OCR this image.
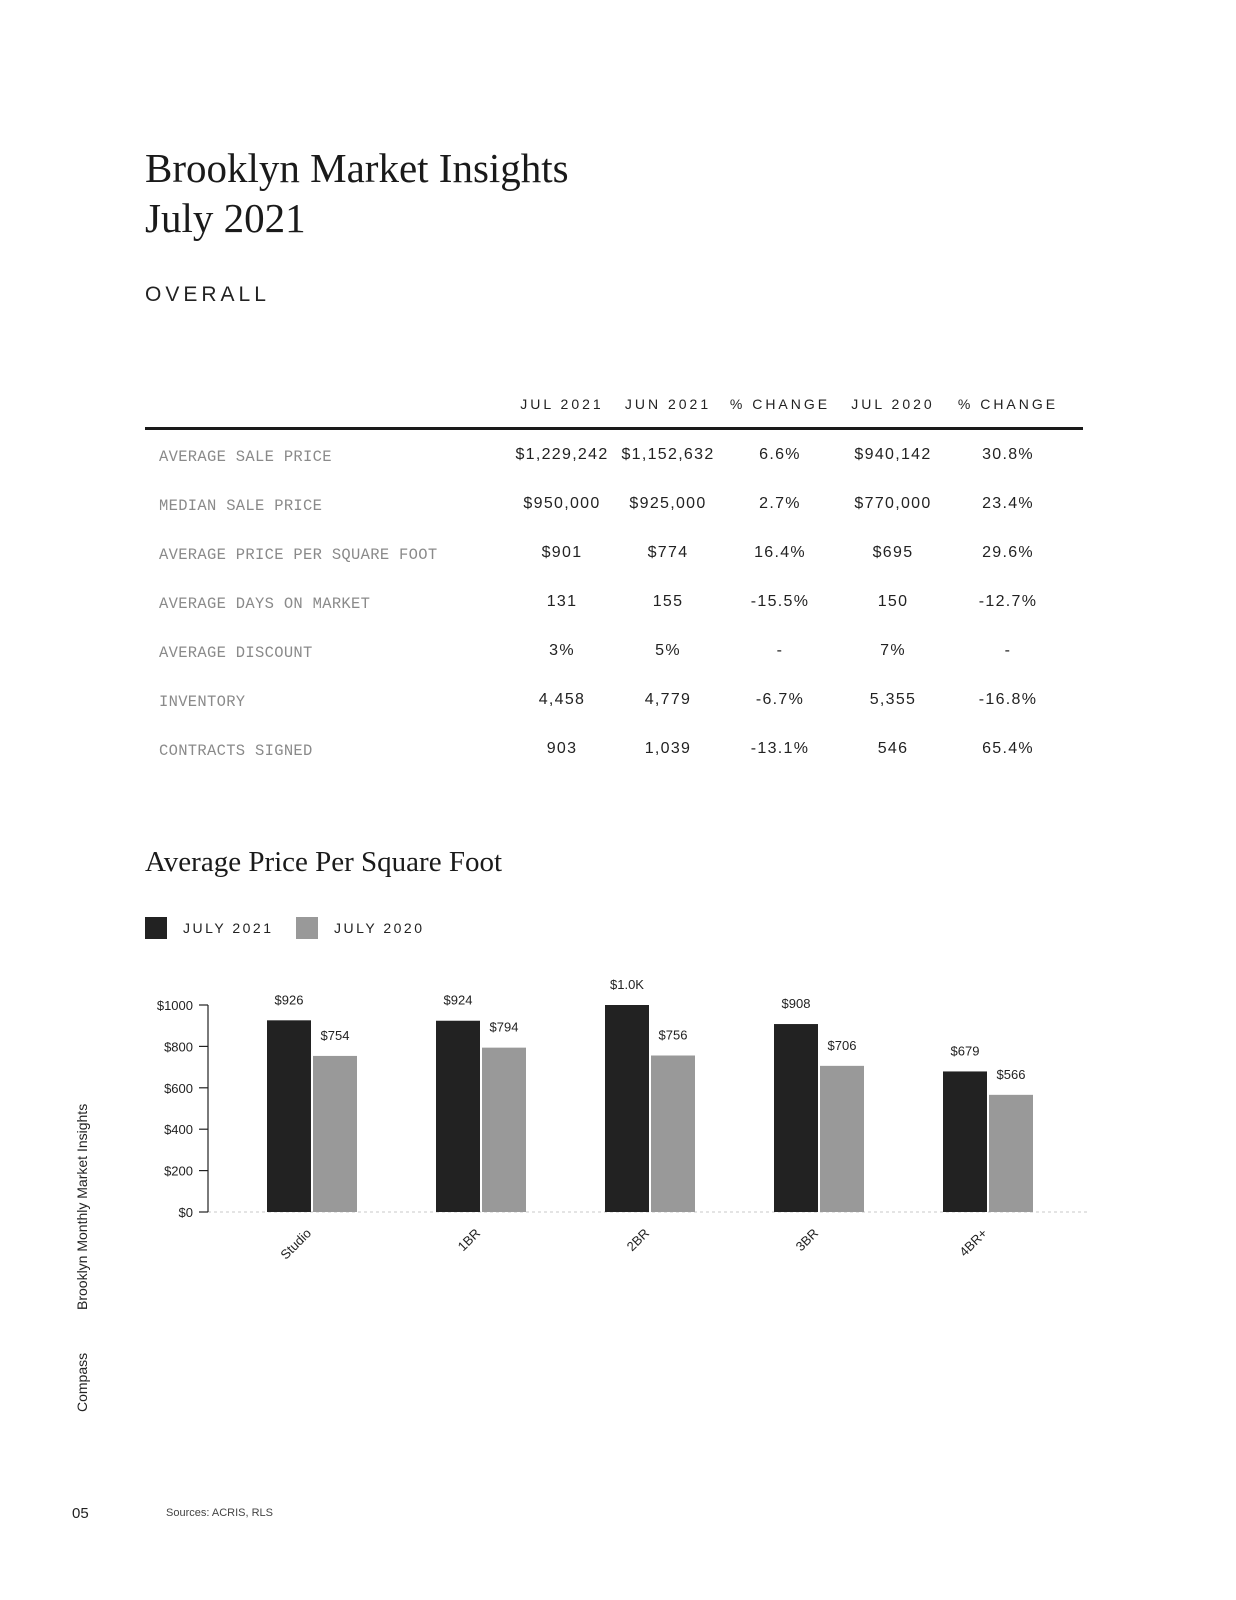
Brooklyn Market Insights
July 2021
OVERALL
JUL 2021	JUN 2021	% CHANGE	JUL 2020	% CHANGE
AVERAGE SALE PRICE	$1,229,242 $1,152,632	6.6%	$940,142	30.8%
MEDIAN SALE PRICE	$950,000	$925,000	2.7%	$770,000	23.4%
AVERAGE PRICE PER SQUARE FOOT	$901	$774	16.4%	$695	29.6%
AVERAGE DAYS ON MARKET	131	155	-15.5%	150	-12.7%
AVERAGE DISCOUNT	3%	5%	-	7%	-
INVENTORY	4,458	4,779	-6.7%	5,355	-16.8%
CONTRACTS SIGNED	903	1,039	-13.1%	546	65.4%
Average Price Per Square Foot
JULY 2021	JULY 2020
$0
$200
$400
$600
$800
$1000	$926
$754
Studio
$924
$794
1BR
$1.0K
$756
2BR
$908
$706
3BR
$679
$566
4BR+
Brooklyn Monthly Market Insights
Compass
05	Sources: ACRIS, RLS
